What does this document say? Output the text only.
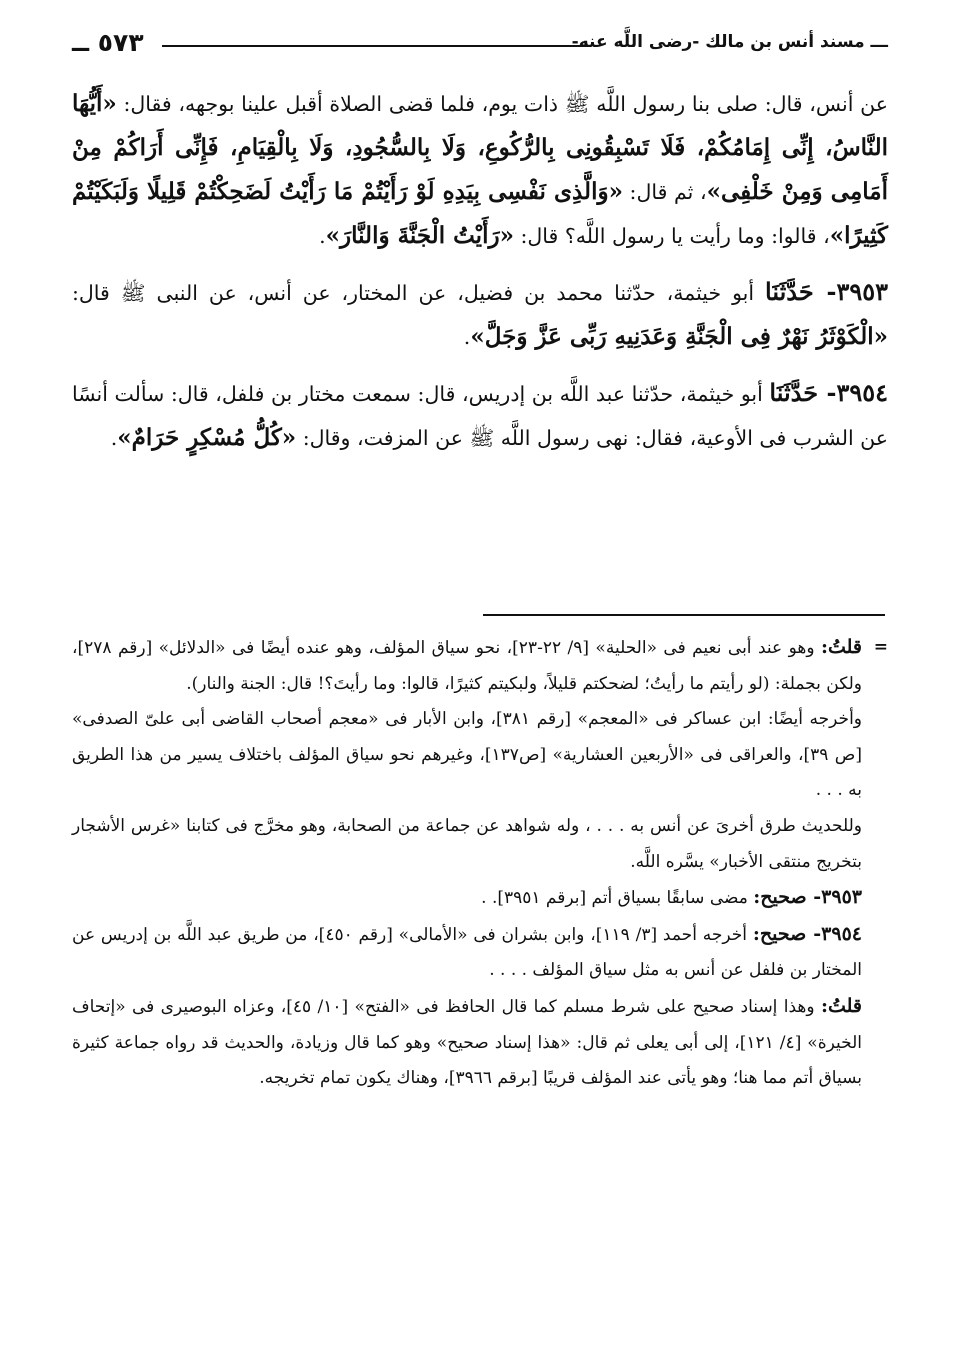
ـــ مسند أنس بن مالك -رضى اللَّه عنه-
٥٧٣ ــ

عن أنس، قال: صلى بنا رسول اللَّه ﷺ ذات يوم، فلما قضى الصلاة أقبل علينا بوجهه، فقال: «أَيُّهَا النَّاسُ، إِنِّى إِمَامُكُمْ، فَلَا تَسْبِقُونِى بِالرُّكُوعِ، وَلَا بِالسُّجُودِ، وَلَا بِالْقِيَامِ، فَإِنِّى أَرَاكُمْ مِنْ أَمَامِى وَمِنْ خَلْفِى»، ثم قال: «وَالَّذِى نَفْسِى بِيَدِهِ لَوْ رَأَيْتُمْ مَا رَأَيْتُ لَضَحِكْتُمْ قَلِيلًا وَلَبَكَيْتُمْ كَثِيرًا»، قالوا: وما رأيت يا رسول اللَّه؟ قال: «رَأَيْتُ الْجَنَّةَ وَالنَّارَ».

٣٩٥٣- حَدَّثَنَا أبو خيثمة، حدّثنا محمد بن فضيل، عن المختار، عن أنس، عن النبى ﷺ قال: «الْكَوْثَرُ نَهْرٌ فِى الْجَنَّةِ وَعَدَنِيهِ رَبِّى عَزَّ وَجَلَّ».

٣٩٥٤- حَدَّثَنَا أبو خيثمة، حدّثنا عبد اللَّه بن إدريس، قال: سمعت مختار بن فلفل، قال: سألت أنسًا عن الشرب فى الأوعية، فقال: نهى رسول اللَّه ﷺ عن المزفت، وقال: «كُلُّ مُسْكِرٍ حَرَامٌ».

= قلتُ: وهو عند أبى نعيم فى «الحلية» [٩/ ٢٢-٢٣]، نحو سياق المؤلف، وهو عنده أيضًا فى «الدلائل» [رقم ٢٧٨]، ولكن بجملة: (لو رأيتم ما رأيتُ؛ لضحكتم قليلاً، ولبكيتم كثيرًا، قالوا: وما رأيتَ؟! قال: الجنة والنار).

وأخرجه أيضًا: ابن عساكر فى «المعجم» [رقم ٣٨١]، وابن الأبار فى «معجم أصحاب القاضى أبى علىّ الصدفى» [ص ٣٩]، والعراقى فى «الأربعين العشارية» [ص١٣٧]، وغيرهم نحو سياق المؤلف باختلاف يسير من هذا الطريق به . . .

وللحديث طرق أخرىَ عن أنس به . . . ، وله شواهد عن جماعة من الصحابة، وهو مخرَّج فى كتابنا «غرس الأشجار بتخريج منتقى الأخبار» يسَّره اللَّه.

٣٩٥٣- صحيح: مضى سابقًا بسياق أتم [برقم ٣٩٥١]. .

٣٩٥٤- صحيح: أخرجه أحمد [٣/ ١١٩]، وابن بشران فى «الأمالى» [رقم ٤٥٠]، من طريق عبد اللَّه بن إدريس عن المختار بن فلفل عن أنس به مثل سياق المؤلف . . . .

قلتُ: وهذا إسناد صحيح على شرط مسلم كما قال الحافظ فى «الفتح» [١٠/ ٤٥]، وعزاه البوصيرى فى «إتحاف الخيرة» [٤/ ١٢١]، إلى أبى يعلى ثم قال: «هذا إسناد صحيح» وهو كما قال وزيادة، والحديث قد رواه جماعة كثيرة بسياق أتم مما هنا؛ وهو يأتى عند المؤلف قريبًا [برقم ٣٩٦٦]، وهناك يكون تمام تخريجه.
